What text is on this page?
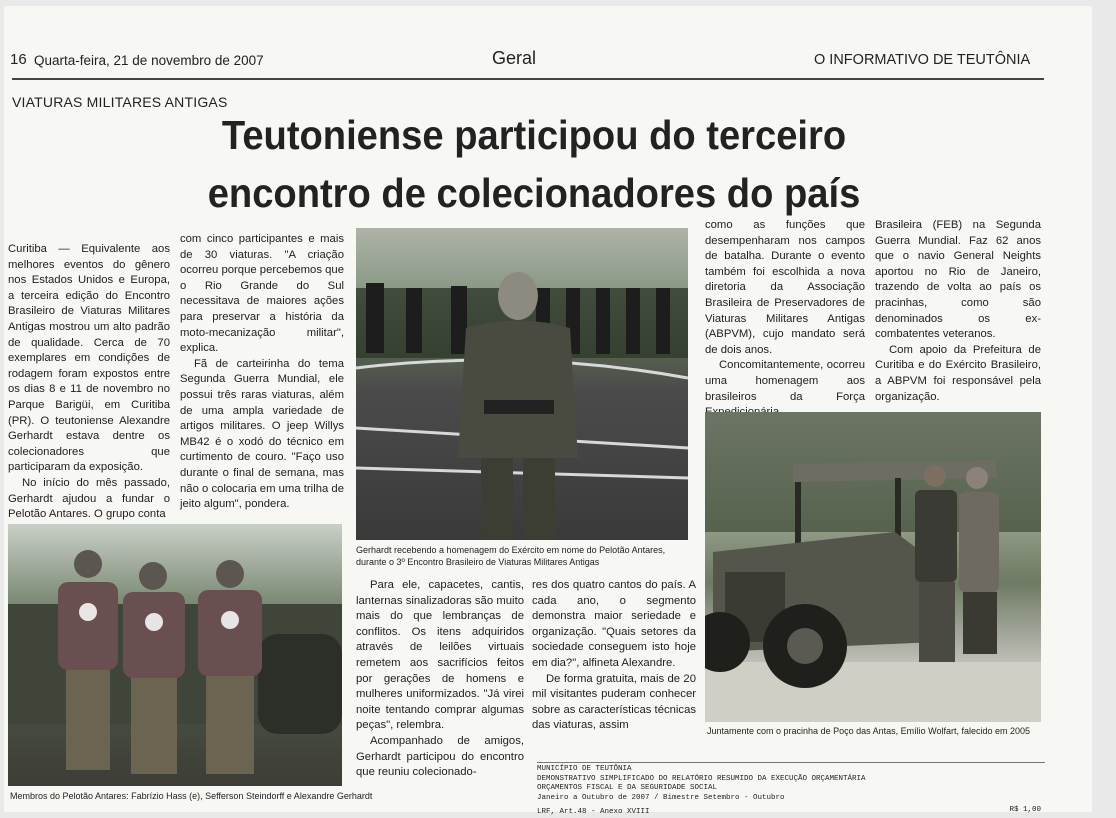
16 Quarta-feira, 21 de novembro de 2007	Geral	O INFORMATIVO DE TEUTÔNIA
VIATURAS MILITARES ANTIGAS
Teutoniense participou do terceiro
encontro de colecionadores do país

Curitiba — Equivalente aos melhores eventos do gênero nos Estados Unidos e Europa, a terceira edição do Encontro Brasileiro de Viaturas Militares Antigas mostrou um alto padrão de qualidade. Cerca de 70 exemplares em condições de rodagem foram expostos entre os dias 8 e 11 de novembro no Parque Barigüi, em Curitiba (PR). O teutoniense Alexandre Gerhardt estava dentre os colecionadores que participaram da exposição.

No início do mês passado, Gerhardt ajudou a fundar o Pelotão Antares. O grupo conta

com cinco participantes e mais de 30 viaturas. "A criação ocorreu porque percebemos que o Rio Grande do Sul necessitava de maiores ações para preservar a história da moto-mecanização militar", explica.

Fã de carteirinha do tema Segunda Guerra Mundial, ele possui três raras viaturas, além de uma ampla variedade de artigos militares. O jeep Willys MB42 é o xodó do técnico em curtimento de couro. "Faço uso durante o final de semana, mas não o colocaria em uma trilha de jeito algum", pondera.

Gerhardt recebendo a homenagem do Exército em nome do Pelotão Antares,
durante o 3º Encontro Brasileiro de Viaturas Militares Antigas
Membros do Pelotão Antares: Fabrízio Hass (e), Sefferson Steindorff e Alexandre Gerhardt

Para ele, capacetes, cantis, lanternas sinalizadoras são muito mais do que lembranças de conflitos. Os itens adquiridos através de leilões virtuais remetem aos sacrifícios feitos por gerações de homens e mulheres uniformizados. "Já virei noite tentando comprar algumas peças", relembra.

Acompanhado de amigos, Gerhardt participou do encontro que reuniu colecionado-

res dos quatro cantos do país. A cada ano, o segmento demonstra maior seriedade e organização. "Quais setores da sociedade conseguem isto hoje em dia?", alfineta Alexandre.

De forma gratuita, mais de 20 mil visitantes puderam conhecer sobre as características técnicas das viaturas, assim

como as funções que desempenharam nos campos de batalha. Durante o evento também foi escolhida a nova diretoria da Associação Brasileira de Preservadores de Viaturas Militares Antigas (ABPVM), cujo mandato será de dois anos.

Concomitantemente, ocorreu uma homenagem aos brasileiros da Força

Brasileira (FEB) na Segunda Guerra Mundial. Faz 62 anos que o navio General Neights aportou no Rio de Janeiro, trazendo de volta ao país os pracinhas, como são denominados os ex-combatentes veteranos.

Com apoio da Prefeitura de Curitiba e do Exército Brasileiro, a ABPVM foi responsável pela organização.

Juntamente com o pracinha de Poço das Antas, Emílio Wolfart, falecido em 2005
MUNICÍPIO DE TEUTÔNIA
DEMONSTRATIVO SIMPLIFICADO DO RELATÓRIO RESUMIDO DA EXECUÇÃO ORÇAMENTÁRIA
ORÇAMENTOS FISCAL E DA SEGURIDADE SOCIAL
Janeiro a Outubro de 2007 / Bimestre Setembro - Outubro
LRF, Art.48 - Anexo XVIII	R$ 1,00
